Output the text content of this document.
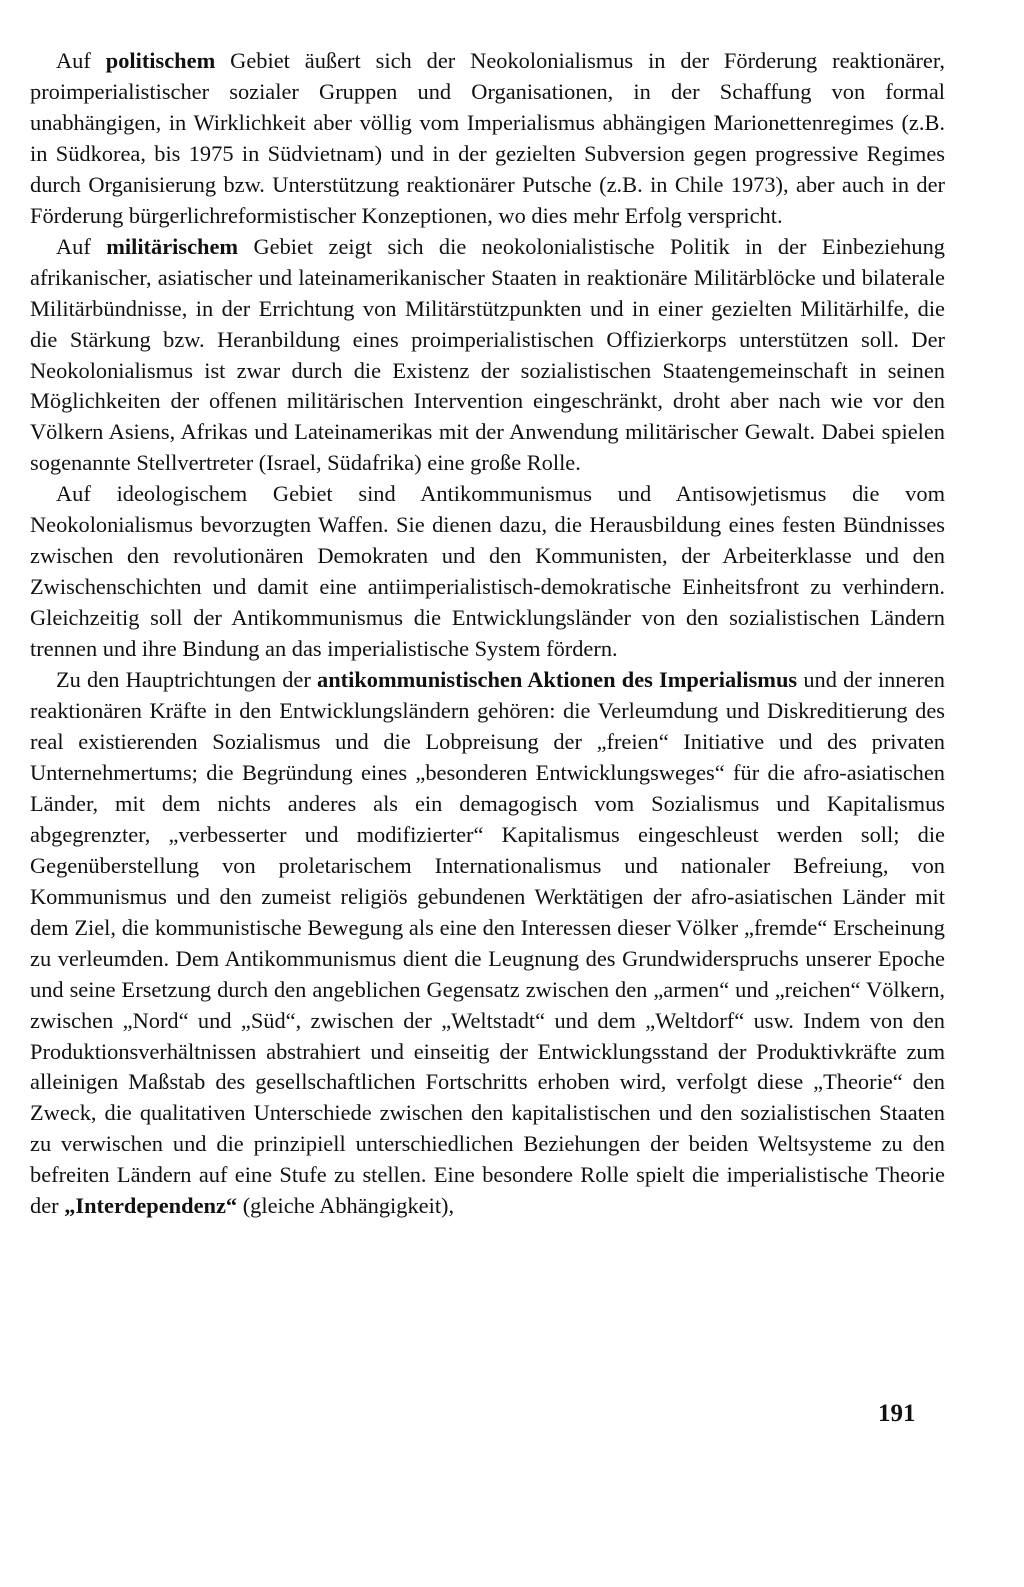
Auf politischem Gebiet äußert sich der Neokolonialismus in der Förderung reaktionärer, proimperialistischer sozialer Gruppen und Organisationen, in der Schaffung von formal unabhängigen, in Wirklichkeit aber völlig vom Imperialismus abhängigen Marionettenregimes (z.B. in Südkorea, bis 1975 in Südvietnam) und in der gezielten Subversion gegen progressive Regimes durch Organisierung bzw. Unterstützung reaktionärer Putsche (z.B. in Chile 1973), aber auch in der Förderung bürgerlichreformistischer Konzeptionen, wo dies mehr Erfolg verspricht.

Auf militärischem Gebiet zeigt sich die neokolonialistische Politik in der Einbeziehung afrikanischer, asiatischer und lateinamerikanischer Staaten in reaktionäre Militärblöcke und bilaterale Militärbündnisse, in der Errichtung von Militärstützpunkten und in einer gezielten Militärhilfe, die die Stärkung bzw. Heranbildung eines proimperialistischen Offizierkorps unterstützen soll. Der Neokolonialismus ist zwar durch die Existenz der sozialistischen Staatengemeinschaft in seinen Möglichkeiten der offenen militärischen Intervention eingeschränkt, droht aber nach wie vor den Völkern Asiens, Afrikas und Lateinamerikas mit der Anwendung militärischer Gewalt. Dabei spielen sogenannte Stellvertreter (Israel, Südafrika) eine große Rolle.

Auf ideologischem Gebiet sind Antikommunismus und Antisowjetismus die vom Neokolonialismus bevorzugten Waffen. Sie dienen dazu, die Herausbildung eines festen Bündnisses zwischen den revolutionären Demokraten und den Kommunisten, der Arbeiterklasse und den Zwischenschichten und damit eine antiimperialistisch-demokratische Einheitsfront zu verhindern. Gleichzeitig soll der Antikommunismus die Entwicklungsländer von den sozialistischen Ländern trennen und ihre Bindung an das imperialistische System fördern.

Zu den Hauptrichtungen der antikommunistischen Aktionen des Imperialismus und der inneren reaktionären Kräfte in den Entwicklungsländern gehören: die Verleumdung und Diskreditierung des real existierenden Sozialismus und die Lobpreisung der „freien“ Initiative und des privaten Unternehmertums; die Begründung eines „besonderen Entwicklungsweges“ für die afro-asiatischen Länder, mit dem nichts anderes als ein demagogisch vom Sozialismus und Kapitalismus abgegrenzter, „verbesserter und modifizierter“ Kapitalismus eingeschleust werden soll; die Gegenüberstellung von proletarischem Internationalismus und nationaler Befreiung, von Kommunismus und den zumeist religiös gebundenen Werktätigen der afro-asiatischen Länder mit dem Ziel, die kommunistische Bewegung als eine den Interessen dieser Völker „fremde“ Erscheinung zu verleumden. Dem Antikommunismus dient die Leugnung des Grundwiderspruchs unserer Epoche und seine Ersetzung durch den angeblichen Gegensatz zwischen den „armen“ und „reichen“ Völkern, zwischen „Nord“ und „Süd“, zwischen der „Weltstadt“ und dem „Weltdorf“ usw. Indem von den Produktionsverhältnissen abstrahiert und einseitig der Entwicklungsstand der Produktivkräfte zum alleinigen Maßstab des gesellschaftlichen Fortschritts erhoben wird, verfolgt diese „Theorie“ den Zweck, die qualitativen Unterschiede zwischen den kapitalistischen und den sozialistischen Staaten zu verwischen und die prinzipiell unterschiedlichen Beziehungen der beiden Weltsysteme zu den befreiten Ländern auf eine Stufe zu stellen. Eine besondere Rolle spielt die imperialistische Theorie der „Interdependenz“ (gleiche Abhängigkeit),

191
